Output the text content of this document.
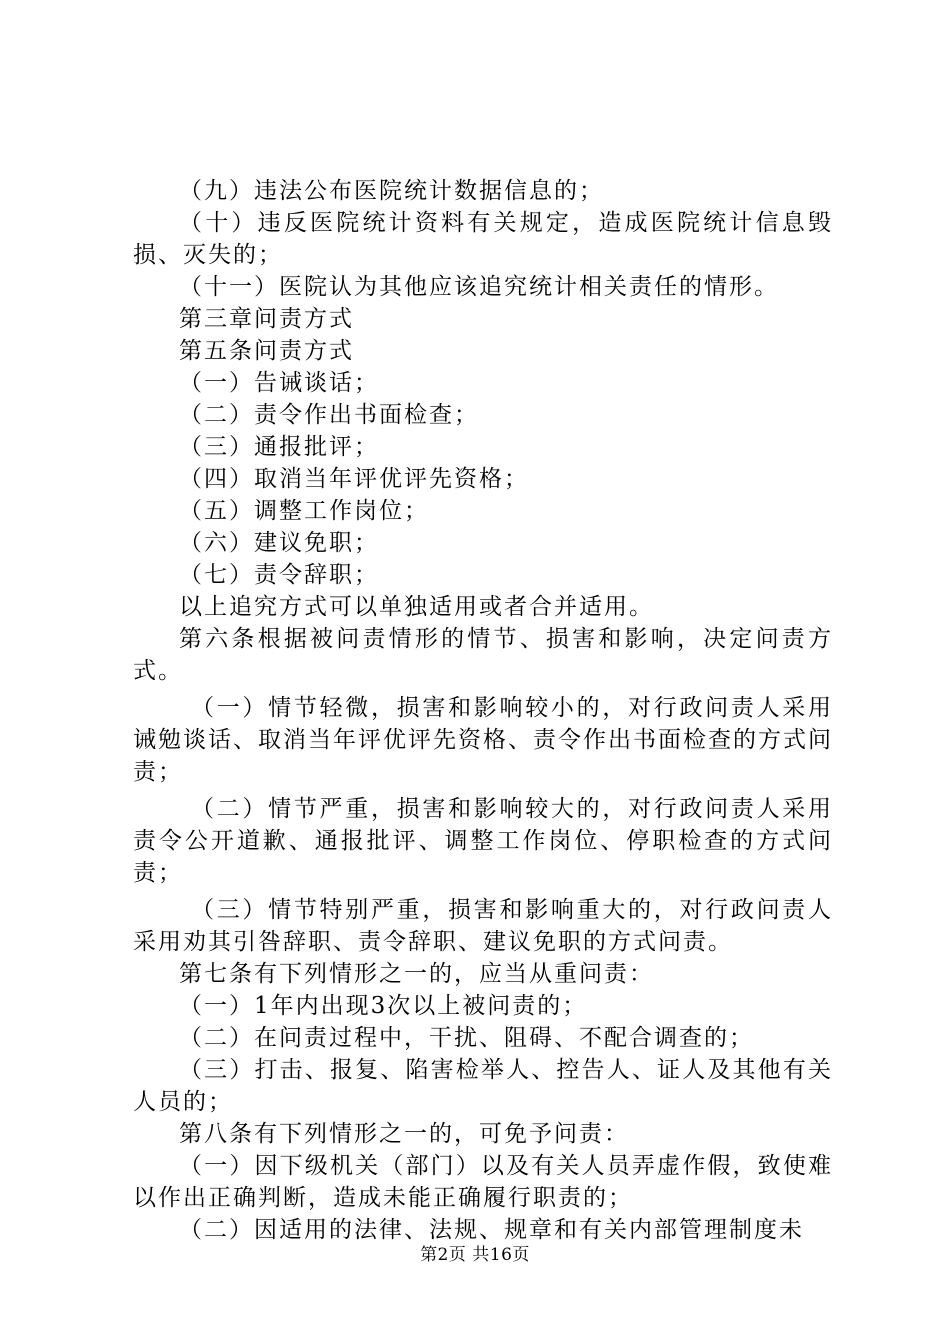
（九）违法公布医院统计数据信息的；

（十）违反医院统计资料有关规定，造成医院统计信息毁损、灭失的；

（十一）医院认为其他应该追究统计相关责任的情形。

第三章问责方式

第五条问责方式

（一）告诫谈话；

（二）责令作出书面检查；

（三）通报批评；

（四）取消当年评优评先资格；

（五）调整工作岗位；

（六）建议免职；

（七）责令辞职；

以上追究方式可以单独适用或者合并适用。

第六条根据被问责情形的情节、损害和影响，决定问责方式。

（一）情节轻微，损害和影响较小的，对行政问责人采用诫勉谈话、取消当年评优评先资格、责令作出书面检查的方式问责；

（二）情节严重，损害和影响较大的，对行政问责人采用责令公开道歉、通报批评、调整工作岗位、停职检查的方式问责；

（三）情节特别严重，损害和影响重大的，对行政问责人采用劝其引咎辞职、责令辞职、建议免职的方式问责。

第七条有下列情形之一的，应当从重问责：

（一）1年内出现3次以上被问责的；

（二）在问责过程中，干扰、阻碍、不配合调查的；

（三）打击、报复、陷害检举人、控告人、证人及其他有关人员的；

第八条有下列情形之一的，可免予问责：

（一）因下级机关（部门）以及有关人员弄虚作假，致使难以作出正确判断，造成未能正确履行职责的；

（二）因适用的法律、法规、规章和有关内部管理制度未

第2页 共16页
